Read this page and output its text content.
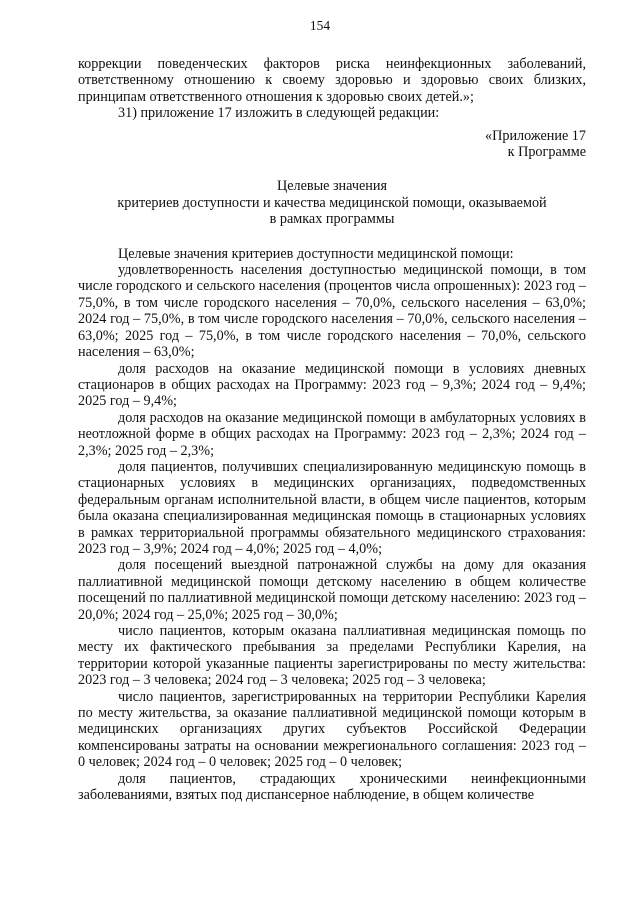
154

коррекции поведенческих факторов риска неинфекционных заболеваний, ответственному отношению к своему здоровью и здоровью своих близких, принципам ответственного отношения к здоровью своих детей.»;

31) приложение 17 изложить в следующей редакции:

«Приложение 17

к Программе

Целевые значения

критериев доступности и качества медицинской помощи, оказываемой

в рамках программы

Целевые значения критериев доступности медицинской помощи:

удовлетворенность населения доступностью медицинской помощи, в том числе городского и сельского населения (процентов числа опрошенных): 2023 год – 75,0%, в том числе городского населения – 70,0%, сельского населения – 63,0%; 2024 год – 75,0%, в том числе городского населения – 70,0%, сельского населения – 63,0%; 2025 год – 75,0%, в том числе городского населения – 70,0%, сельского населения – 63,0%;

доля расходов на оказание медицинской помощи в условиях дневных стационаров в общих расходах на Программу: 2023 год – 9,3%; 2024 год – 9,4%; 2025 год – 9,4%;

доля расходов на оказание медицинской помощи в амбулаторных условиях в неотложной форме в общих расходах на Программу: 2023 год – 2,3%; 2024 год – 2,3%; 2025 год – 2,3%;

доля пациентов, получивших специализированную медицинскую помощь в стационарных условиях в медицинских организациях, подведомственных федеральным органам исполнительной власти, в общем числе пациентов, которым была оказана специализированная медицинская помощь в стационарных условиях в рамках территориальной программы обязательного медицинского страхования: 2023 год – 3,9%; 2024 год – 4,0%; 2025 год – 4,0%;

доля посещений выездной патронажной службы на дому для оказания паллиативной медицинской помощи детскому населению в общем количестве посещений по паллиативной медицинской помощи детскому населению: 2023 год – 20,0%; 2024 год – 25,0%; 2025 год – 30,0%;

число пациентов, которым оказана паллиативная медицинская помощь по месту их фактического пребывания за пределами Республики Карелия, на территории которой указанные пациенты зарегистрированы по месту жительства: 2023 год – 3 человека; 2024 год – 3 человека; 2025 год – 3 человека;

число пациентов, зарегистрированных на территории Республики Карелия по месту жительства, за оказание паллиативной медицинской помощи которым в медицинских организациях других субъектов Российской Федерации компенсированы затраты на основании межрегионального соглашения: 2023 год – 0 человек; 2024 год – 0 человек; 2025 год – 0 человек;

доля пациентов, страдающих хроническими неинфекционными заболеваниями, взятых под диспансерное наблюдение, в общем количестве
